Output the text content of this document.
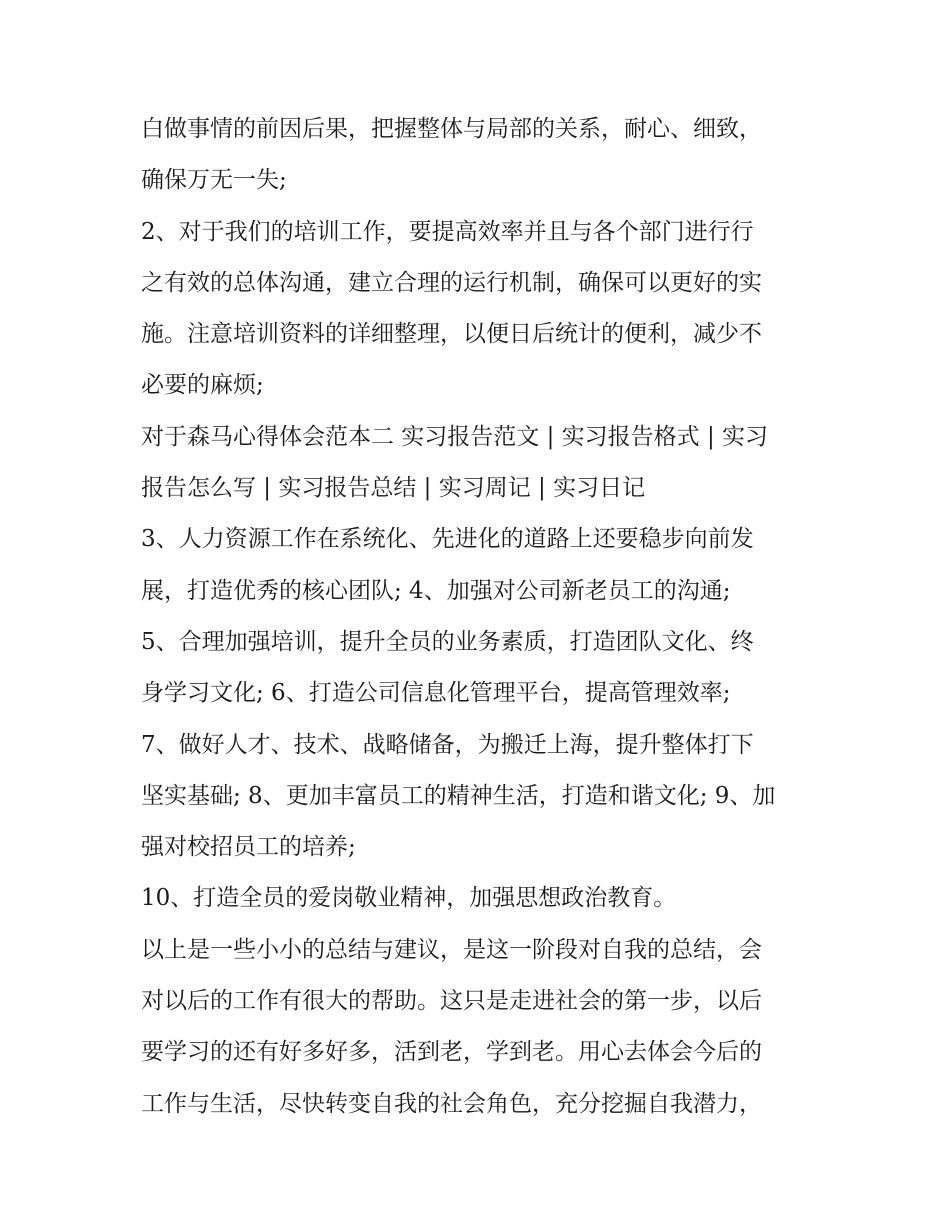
白做事情的前因后果，把握整体与局部的关系，耐心、细致，
确保万无一失;
2、对于我们的培训工作，要提高效率并且与各个部门进行行
之有效的总体沟通，建立合理的运行机制，确保可以更好的实
施。注意培训资料的详细整理，以便日后统计的便利，减少不
必要的麻烦;
对于森马心得体会范本二 实习报告范文 | 实习报告格式 | 实习
报告怎么写 | 实习报告总结 | 实习周记 | 实习日记
3、人力资源工作在系统化、先进化的道路上还要稳步向前发
展，打造优秀的核心团队; 4、加强对公司新老员工的沟通;
5、合理加强培训，提升全员的业务素质，打造团队文化、终
身学习文化; 6、打造公司信息化管理平台，提高管理效率;
7、做好人才、技术、战略储备，为搬迁上海，提升整体打下
坚实基础; 8、更加丰富员工的精神生活，打造和谐文化; 9、加
强对校招员工的培养;
10、打造全员的爱岗敬业精神，加强思想政治教育。
以上是一些小小的总结与建议，是这一阶段对自我的总结，会
对以后的工作有很大的帮助。这只是走进社会的第一步，以后
要学习的还有好多好多，活到老，学到老。用心去体会今后的
工作与生活，尽快转变自我的社会角色，充分挖掘自我潜力，
